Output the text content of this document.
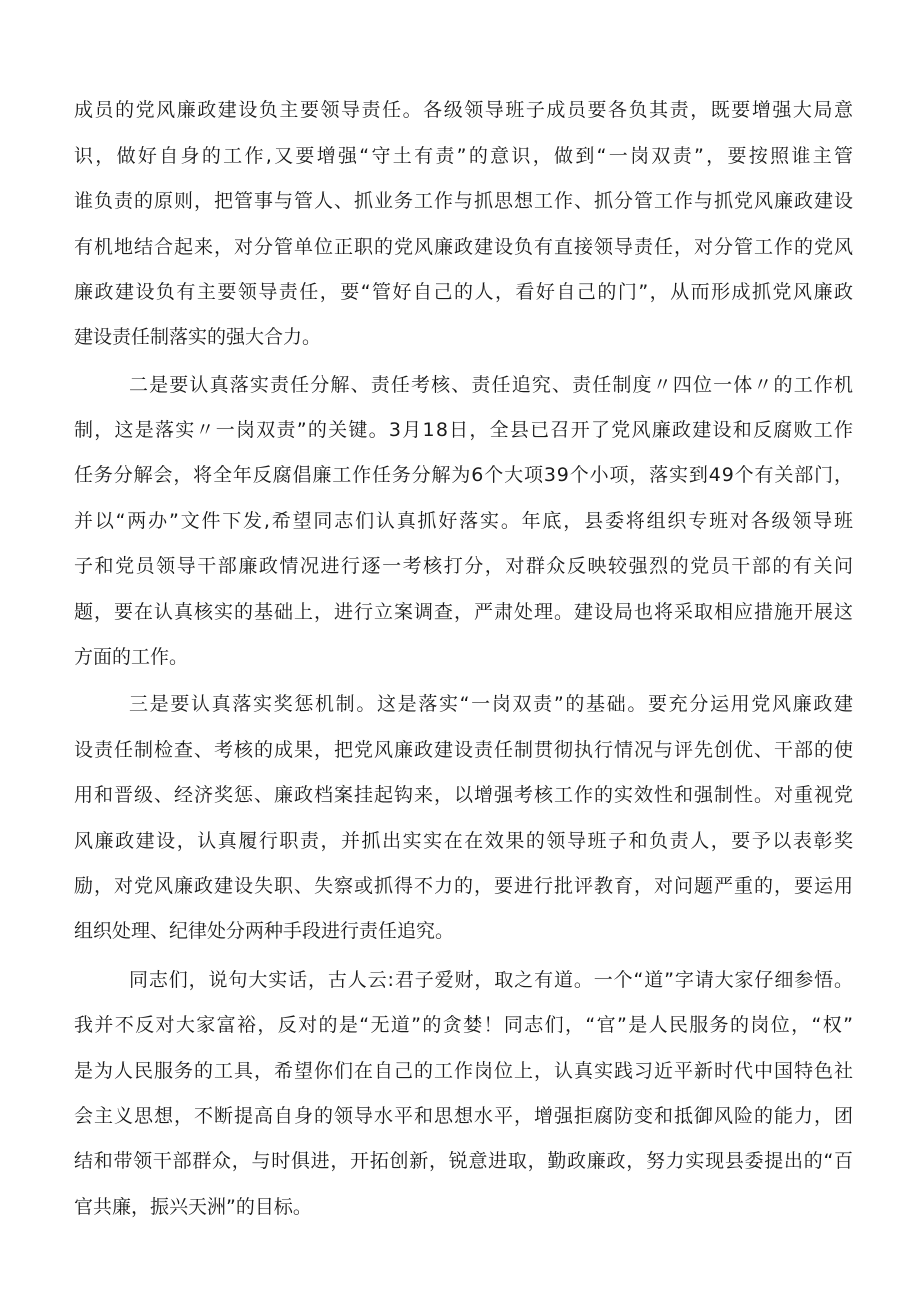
成员的党风廉政建设负主要领导责任。各级领导班子成员要各负其责，既要增强大局意
识，做好自身的工作,又要增强“守土有责”的意识，做到“一岗双责”，要按照谁主管
谁负责的原则，把管事与管人、抓业务工作与抓思想工作、抓分管工作与抓党风廉政建设
有机地结合起来，对分管单位正职的党风廉政建设负有直接领导责任，对分管工作的党风
廉政建设负有主要领导责任，要“管好自己的人，看好自己的门”，从而形成抓党风廉政
建设责任制落实的强大合力。
二是要认真落实责任分解、责任考核、责任追究、责任制度〃四位一体〃的工作机
制，这是落实〃一岗双责”的关键。3月18日，全县已召开了党风廉政建设和反腐败工作
任务分解会，将全年反腐倡廉工作任务分解为6个大项39个小项，落实到49个有关部门，
并以“两办”文件下发,希望同志们认真抓好落实。年底，县委将组织专班对各级领导班
子和党员领导干部廉政情况进行逐一考核打分，对群众反映较强烈的党员干部的有关问
题，要在认真核实的基础上，进行立案调查，严肃处理。建设局也将采取相应措施开展这
方面的工作。
三是要认真落实奖惩机制。这是落实“一岗双责”的基础。要充分运用党风廉政建
设责任制检查、考核的成果，把党风廉政建设责任制贯彻执行情况与评先创优、干部的使
用和晋级、经济奖惩、廉政档案挂起钩来，以增强考核工作的实效性和强制性。对重视党
风廉政建设，认真履行职责，并抓出实实在在效果的领导班子和负责人，要予以表彰奖
励，对党风廉政建设失职、失察或抓得不力的，要进行批评教育，对问题严重的，要运用
组织处理、纪律处分两种手段进行责任追究。
同志们，说句大实话，古人云:君子爱财，取之有道。一个“道”字请大家仔细参悟。
我并不反对大家富裕，反对的是“无道”的贪婪！同志们，“官”是人民服务的岗位，“权”
是为人民服务的工具，希望你们在自己的工作岗位上，认真实践习近平新时代中国特色社
会主义思想，不断提高自身的领导水平和思想水平，增强拒腐防变和抵御风险的能力，团
结和带领干部群众，与时俱进，开拓创新，锐意进取，勤政廉政，努力实现县委提出的“百
官共廉，振兴天洲”的目标。
